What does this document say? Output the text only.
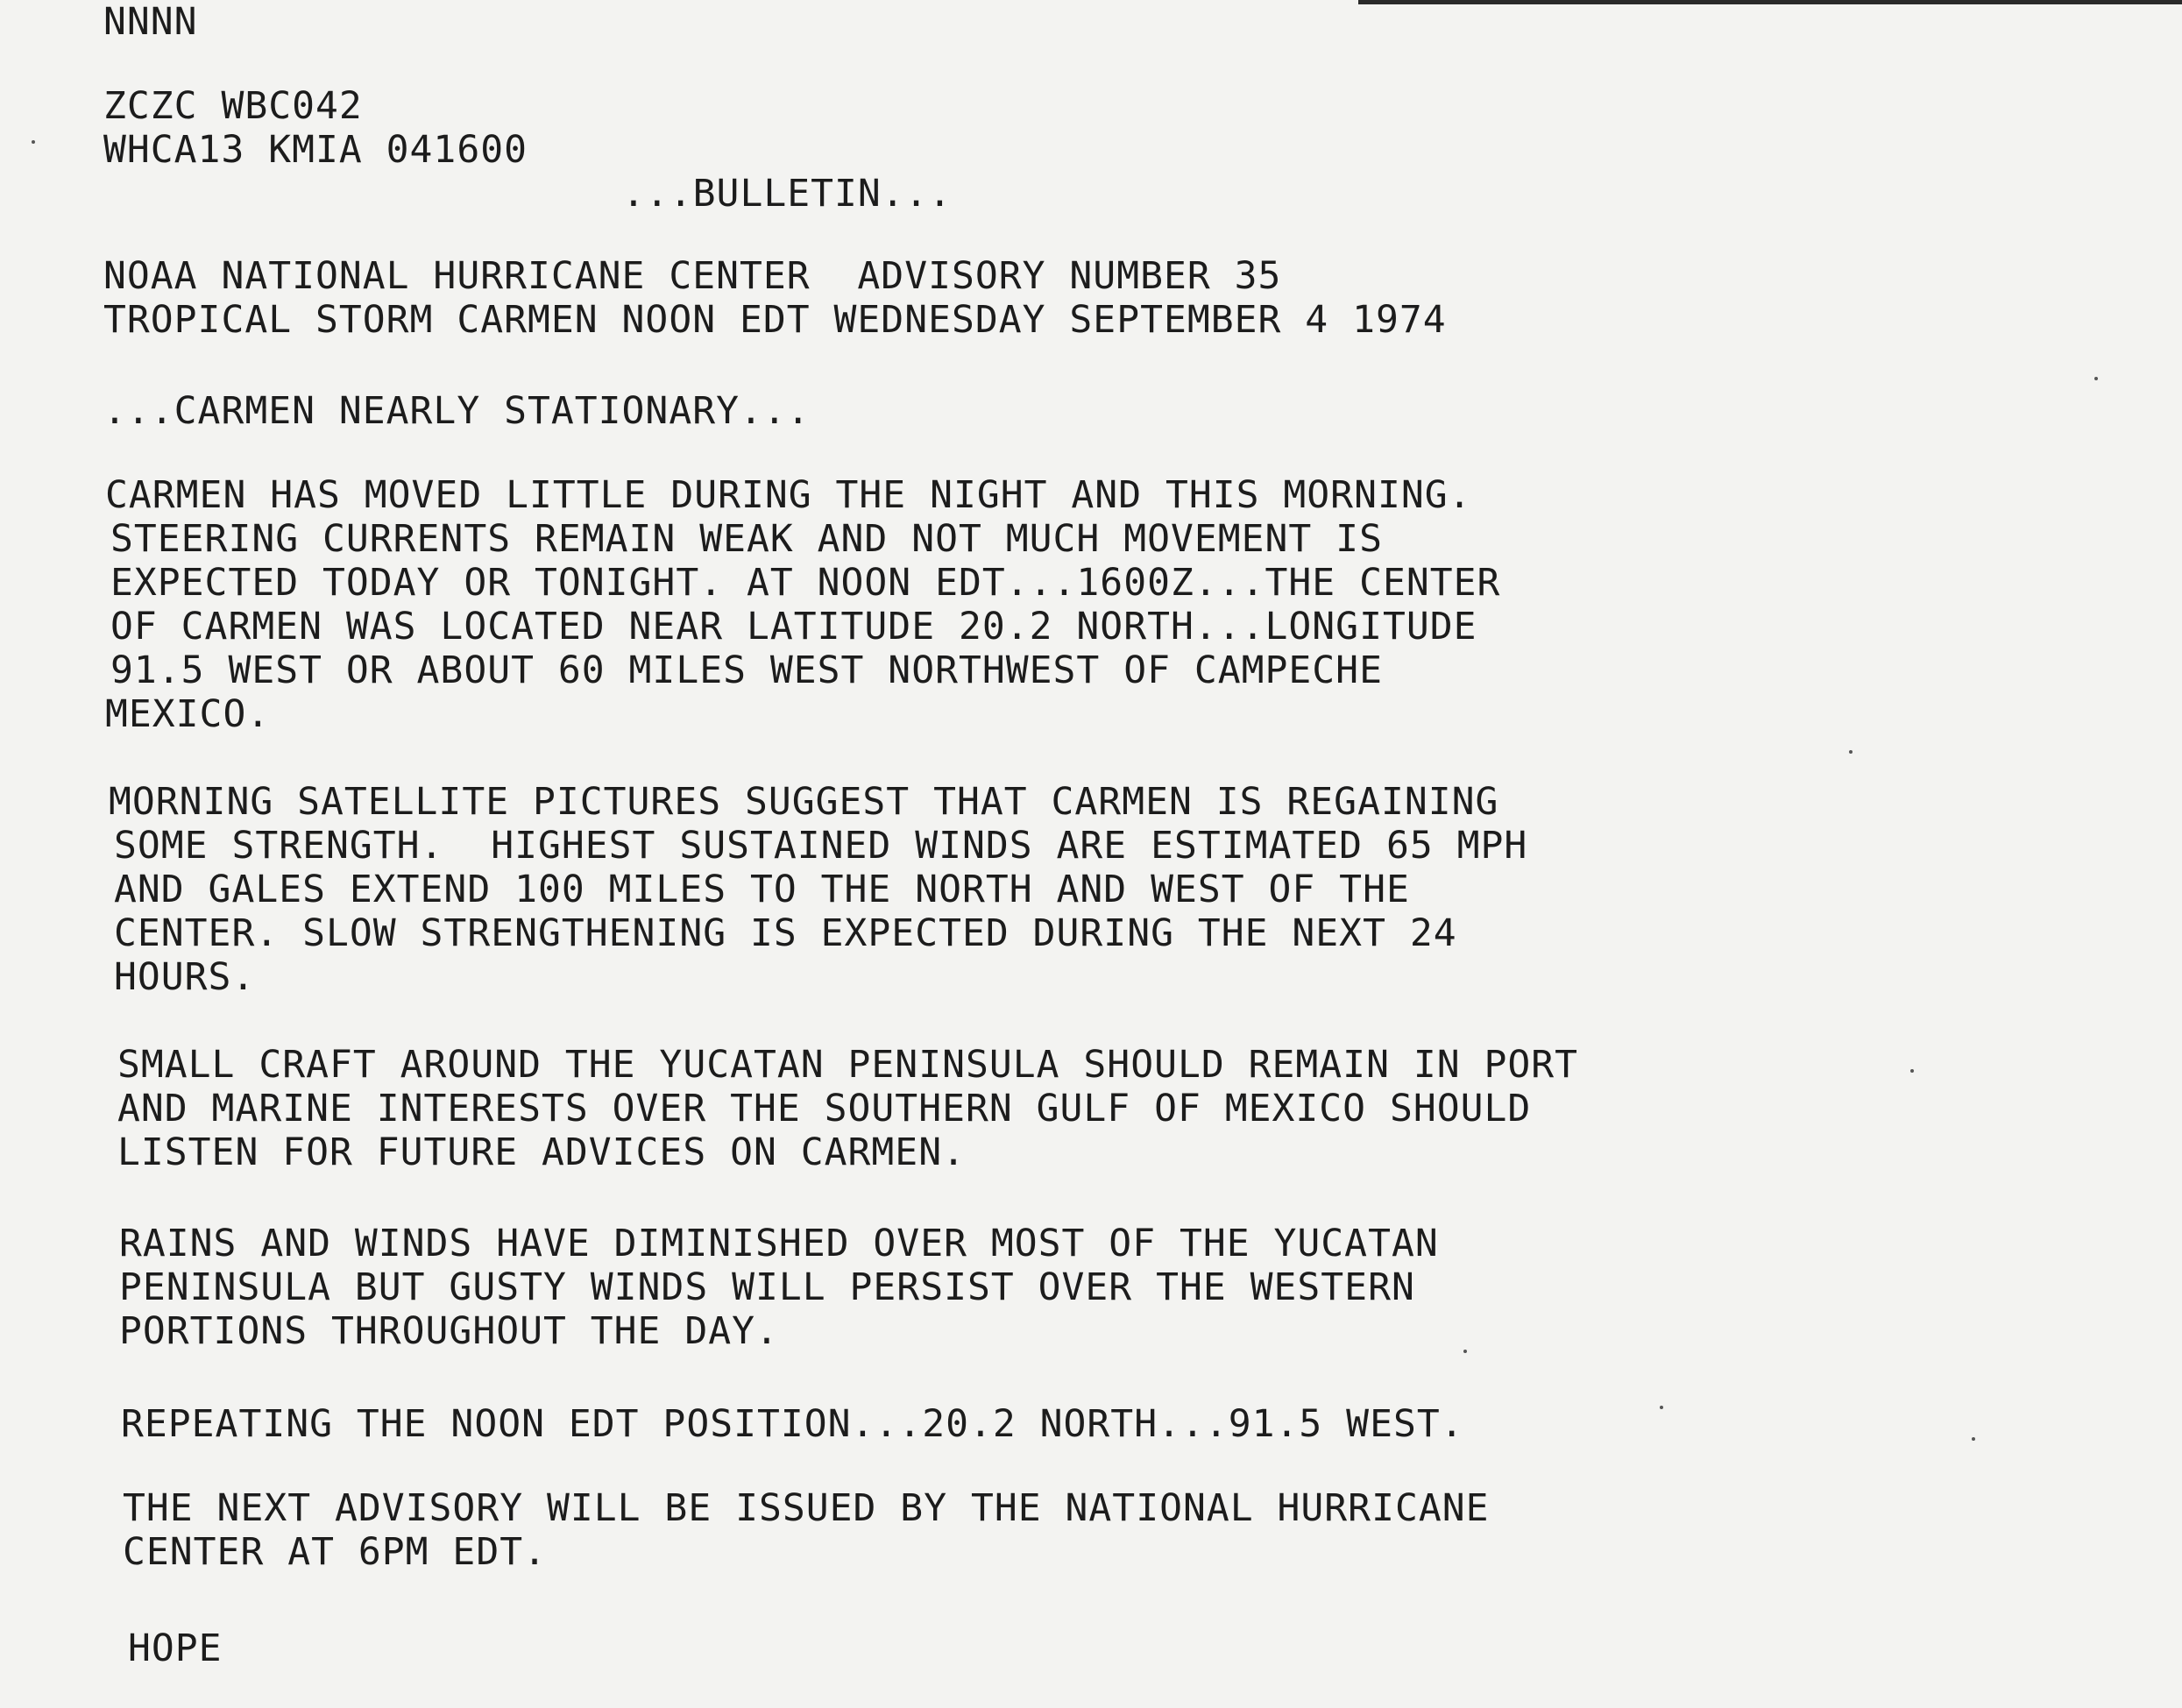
NNNN
ZCZC WBC042
WHCA13 KMIA 041600
...BULLETIN...
NOAA NATIONAL HURRICANE CENTER  ADVISORY NUMBER 35
TROPICAL STORM CARMEN NOON EDT WEDNESDAY SEPTEMBER 4 1974
...CARMEN NEARLY STATIONARY...
CARMEN HAS MOVED LITTLE DURING THE NIGHT AND THIS MORNING.
STEERING CURRENTS REMAIN WEAK AND NOT MUCH MOVEMENT IS
EXPECTED TODAY OR TONIGHT. AT NOON EDT...1600Z...THE CENTER
OF CARMEN WAS LOCATED NEAR LATITUDE 20.2 NORTH...LONGITUDE
91.5 WEST OR ABOUT 60 MILES WEST NORTHWEST OF CAMPECHE
MEXICO.
MORNING SATELLITE PICTURES SUGGEST THAT CARMEN IS REGAINING
SOME STRENGTH.  HIGHEST SUSTAINED WINDS ARE ESTIMATED 65 MPH
AND GALES EXTEND 100 MILES TO THE NORTH AND WEST OF THE
CENTER. SLOW STRENGTHENING IS EXPECTED DURING THE NEXT 24
HOURS.
SMALL CRAFT AROUND THE YUCATAN PENINSULA SHOULD REMAIN IN PORT
AND MARINE INTERESTS OVER THE SOUTHERN GULF OF MEXICO SHOULD
LISTEN FOR FUTURE ADVICES ON CARMEN.
RAINS AND WINDS HAVE DIMINISHED OVER MOST OF THE YUCATAN
PENINSULA BUT GUSTY WINDS WILL PERSIST OVER THE WESTERN
PORTIONS THROUGHOUT THE DAY.
REPEATING THE NOON EDT POSITION...20.2 NORTH...91.5 WEST.
THE NEXT ADVISORY WILL BE ISSUED BY THE NATIONAL HURRICANE
CENTER AT 6PM EDT.
HOPE
